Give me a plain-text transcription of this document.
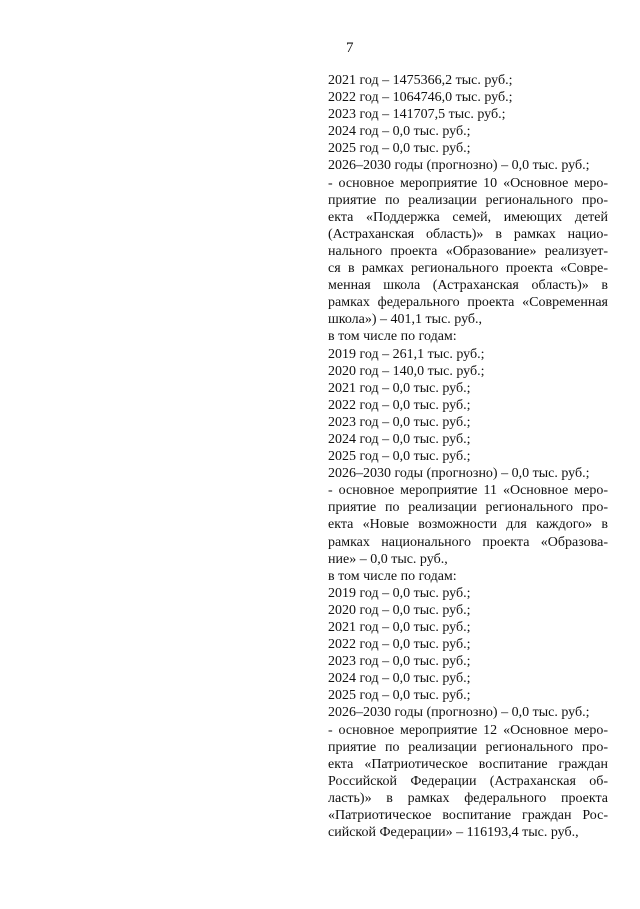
7
2021 год – 1475366,2 тыс. руб.;
2022 год – 1064746,0 тыс. руб.;
2023 год – 141707,5 тыс. руб.;
2024 год – 0,0 тыс. руб.;
2025 год – 0,0 тыс. руб.;
2026–2030 годы (прогнозно) – 0,0 тыс. руб.;
- основное мероприятие 10 «Основное меро-
приятие по реализации регионального про-
екта «Поддержка семей, имеющих детей
(Астраханская область)» в рамках нацио-
нального проекта «Образование» реализует-
ся в рамках регионального проекта «Совре-
менная школа (Астраханская область)» в
рамках федерального проекта «Современная
школа») – 401,1 тыс. руб.,
в том числе по годам:
2019 год – 261,1 тыс. руб.;
2020 год – 140,0 тыс. руб.;
2021 год – 0,0 тыс. руб.;
2022 год – 0,0 тыс. руб.;
2023 год – 0,0 тыс. руб.;
2024 год – 0,0 тыс. руб.;
2025 год – 0,0 тыс. руб.;
2026–2030 годы (прогнозно) – 0,0 тыс. руб.;
- основное мероприятие 11 «Основное меро-
приятие по реализации регионального про-
екта «Новые возможности для каждого» в
рамках национального проекта «Образова-
ние» – 0,0 тыс. руб.,
в том числе по годам:
2019 год – 0,0 тыс. руб.;
2020 год – 0,0 тыс. руб.;
2021 год – 0,0 тыс. руб.;
2022 год – 0,0 тыс. руб.;
2023 год – 0,0 тыс. руб.;
2024 год – 0,0 тыс. руб.;
2025 год – 0,0 тыс. руб.;
2026–2030 годы (прогнозно) – 0,0 тыс. руб.;
- основное мероприятие 12 «Основное меро-
приятие по реализации регионального про-
екта «Патриотическое воспитание граждан
Российской Федерации (Астраханская об-
ласть)» в рамках федерального проекта
«Патриотическое воспитание граждан Рос-
сийской Федерации» – 116193,4 тыс. руб.,
